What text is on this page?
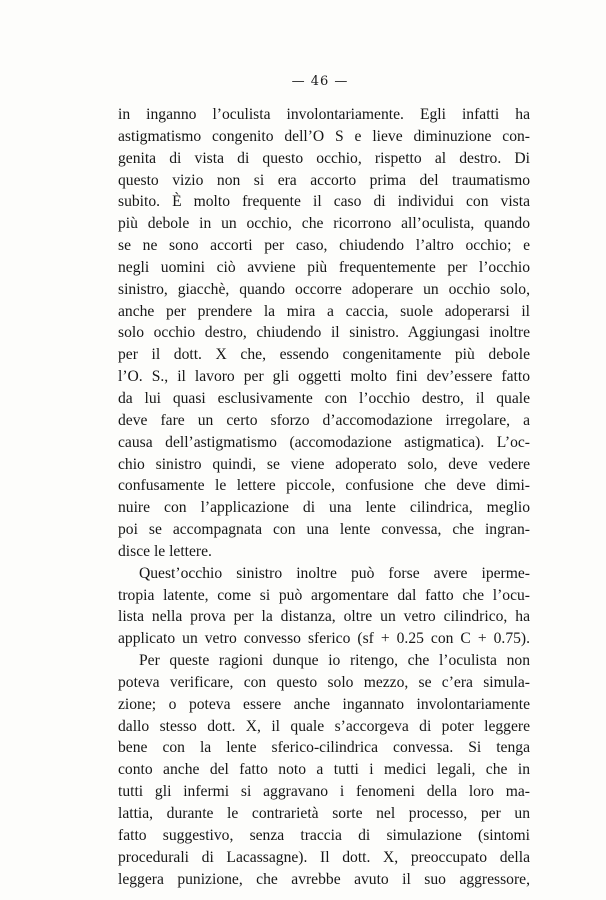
— 46 —
in inganno l’oculista involontariamente. Egli infatti ha
astigmatismo congenito dell’O S e lieve diminuzione con-
genita di vista di questo occhio, rispetto al destro. Di
questo vizio non si era accorto prima del traumatismo
subito. È molto frequente il caso di individui con vista
più debole in un occhio, che ricorrono all’oculista, quando
se ne sono accorti per caso, chiudendo l’altro occhio; e
negli uomini ciò avviene più frequentemente per l’occhio
sinistro, giacchè, quando occorre adoperare un occhio solo,
anche per prendere la mira a caccia, suole adoperarsi il
solo occhio destro, chiudendo il sinistro. Aggiungasi inoltre
per il dott. X che, essendo congenitamente più debole
l’O. S., il lavoro per gli oggetti molto fini dev’essere fatto
da lui quasi esclusivamente con l’occhio destro, il quale
deve fare un certo sforzo d’accomodazione irregolare, a
causa dell’astigmatismo (accomodazione astigmatica). L’oc-
chio sinistro quindi, se viene adoperato solo, deve vedere
confusamente le lettere piccole, confusione che deve dimi-
nuire con l’applicazione di una lente cilindrica, meglio
poi se accompagnata con una lente convessa, che ingran-
disce le lettere.
Quest’occhio sinistro inoltre può forse avere iperme-
tropia latente, come si può argomentare dal fatto che l’ocu-
lista nella prova per la distanza, oltre un vetro cilindrico, ha
applicato un vetro convesso sferico (sf + 0.25 con C + 0.75).
Per queste ragioni dunque io ritengo, che l’oculista non
poteva verificare, con questo solo mezzo, se c’era simula-
zione; o poteva essere anche ingannato involontariamente
dallo stesso dott. X, il quale s’accorgeva di poter leggere
bene con la lente sferico-cilindrica convessa. Si tenga
conto anche del fatto noto a tutti i medici legali, che in
tutti gli infermi si aggravano i fenomeni della loro ma-
lattia, durante le contrarietà sorte nel processo, per un
fatto suggestivo, senza traccia di simulazione (sintomi
procedurali di Lacassagne). Il dott. X, preoccupato della
leggera punizione, che avrebbe avuto il suo aggressore,
